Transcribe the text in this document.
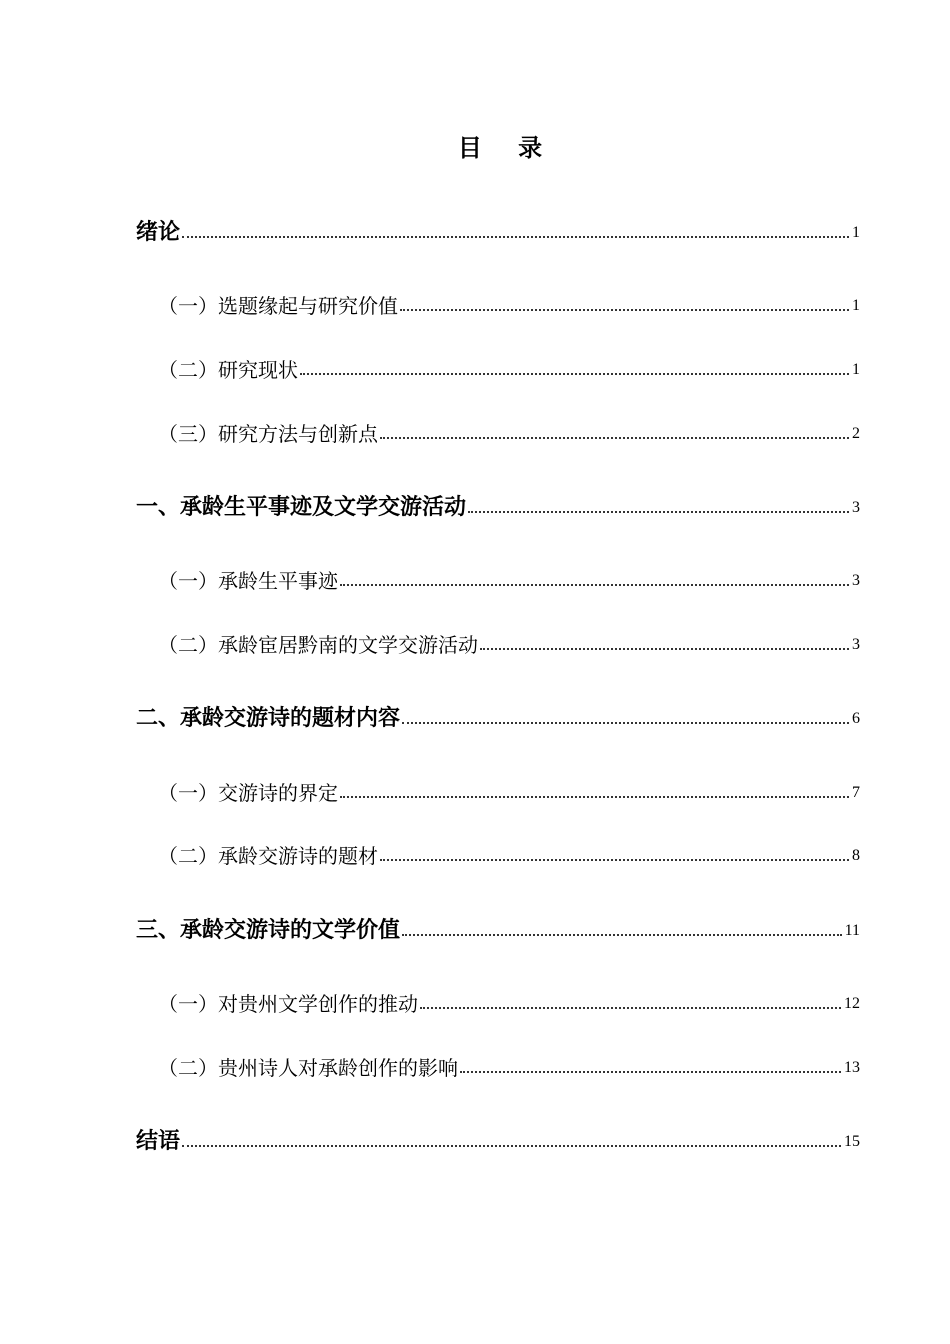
目 录
绪论	1
（一）选题缘起与研究价值	1
（二）研究现状	1
（三）研究方法与创新点	2
一、承龄生平事迹及文学交游活动	3
（一）承龄生平事迹	3
（二）承龄宦居黔南的文学交游活动	3
二、承龄交游诗的题材内容	6
（一）交游诗的界定	7
（二）承龄交游诗的题材	8
三、承龄交游诗的文学价值	11
（一）对贵州文学创作的推动	12
（二）贵州诗人对承龄创作的影响	13
结语	15
